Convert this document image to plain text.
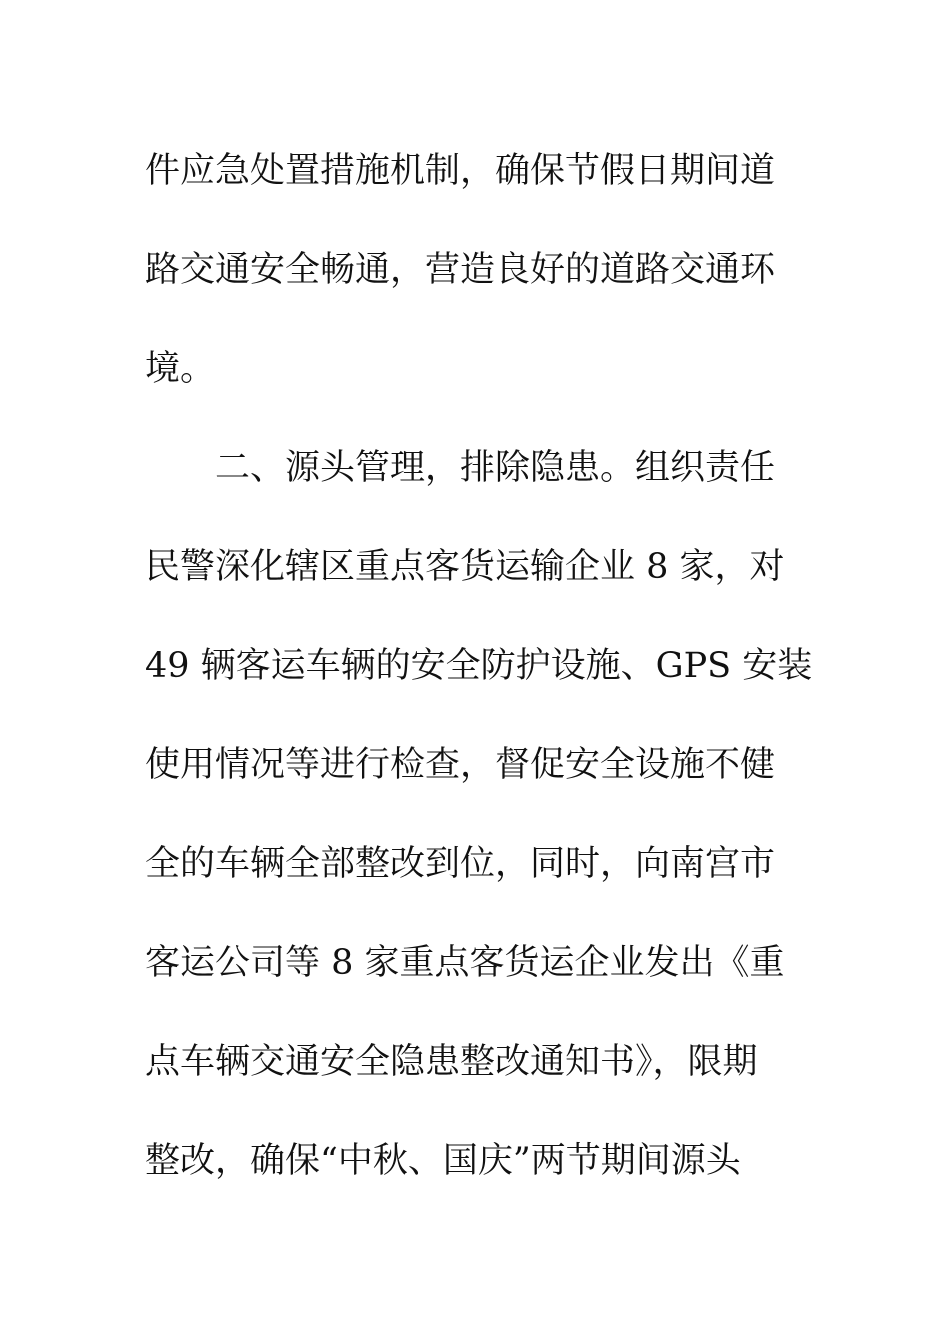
件应急处置措施机制，确保节假日期间道
路交通安全畅通，营造良好的道路交通环
境。
二、源头管理，排除隐患。组织责任
民警深化辖区重点客货运输企业 8 家，对
49 辆客运车辆的安全防护设施、GPS 安装
使用情况等进行检查，督促安全设施不健
全的车辆全部整改到位，同时，向南宫市
客运公司等 8 家重点客货运企业发出《重
点车辆交通安全隐患整改通知书》，限期
整改，确保“中秋、国庆”两节期间源头
